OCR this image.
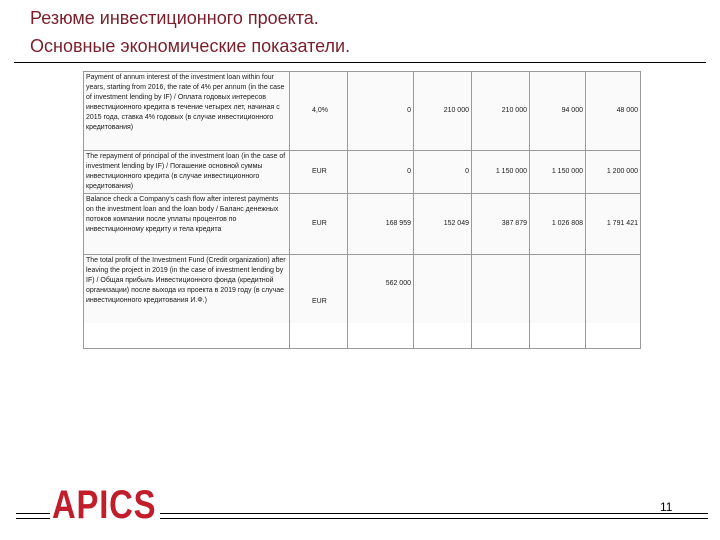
Резюме инвестиционного проекта.
Основные экономические показатели.
Payment of annum interest of the investment loan within four years, starting from 2016, the rate of 4% per annum (in the case of investment lending by IF) / Оплата годовых интересов инвестиционного кредита в течение четырех лет, начиная с 2015 года, ставка 4% годовых (в случае инвестиционного кредитования)	4,0%	0	210 000	210 000	94 000	48 000
The repayment of principal of the investment loan (in the case of investment lending by IF) / Погашение основной суммы инвестиционного кредита (в случае инвестиционного кредитования)	EUR	0	0	1 150 000	1 150 000	1 200 000
Balance check a Company's cash flow after interest payments on the investment loan and the loan body / Баланс денежных потоков компании после уплаты процентов по инвестиционному кредиту и тела кредита	EUR	168 959	152 049	387 879	1 026 808	1 791 421
The total profit of the Investment Fund (Credit organization) after leaving the project in 2019 (in the case of investment lending by IF) / Общая прибыль Инвестиционного фонда (кредитной организации) после выхода из проекта в 2019 году (в случае инвестиционного кредитования И.Ф.)	EUR	562 000				
APICS	11
